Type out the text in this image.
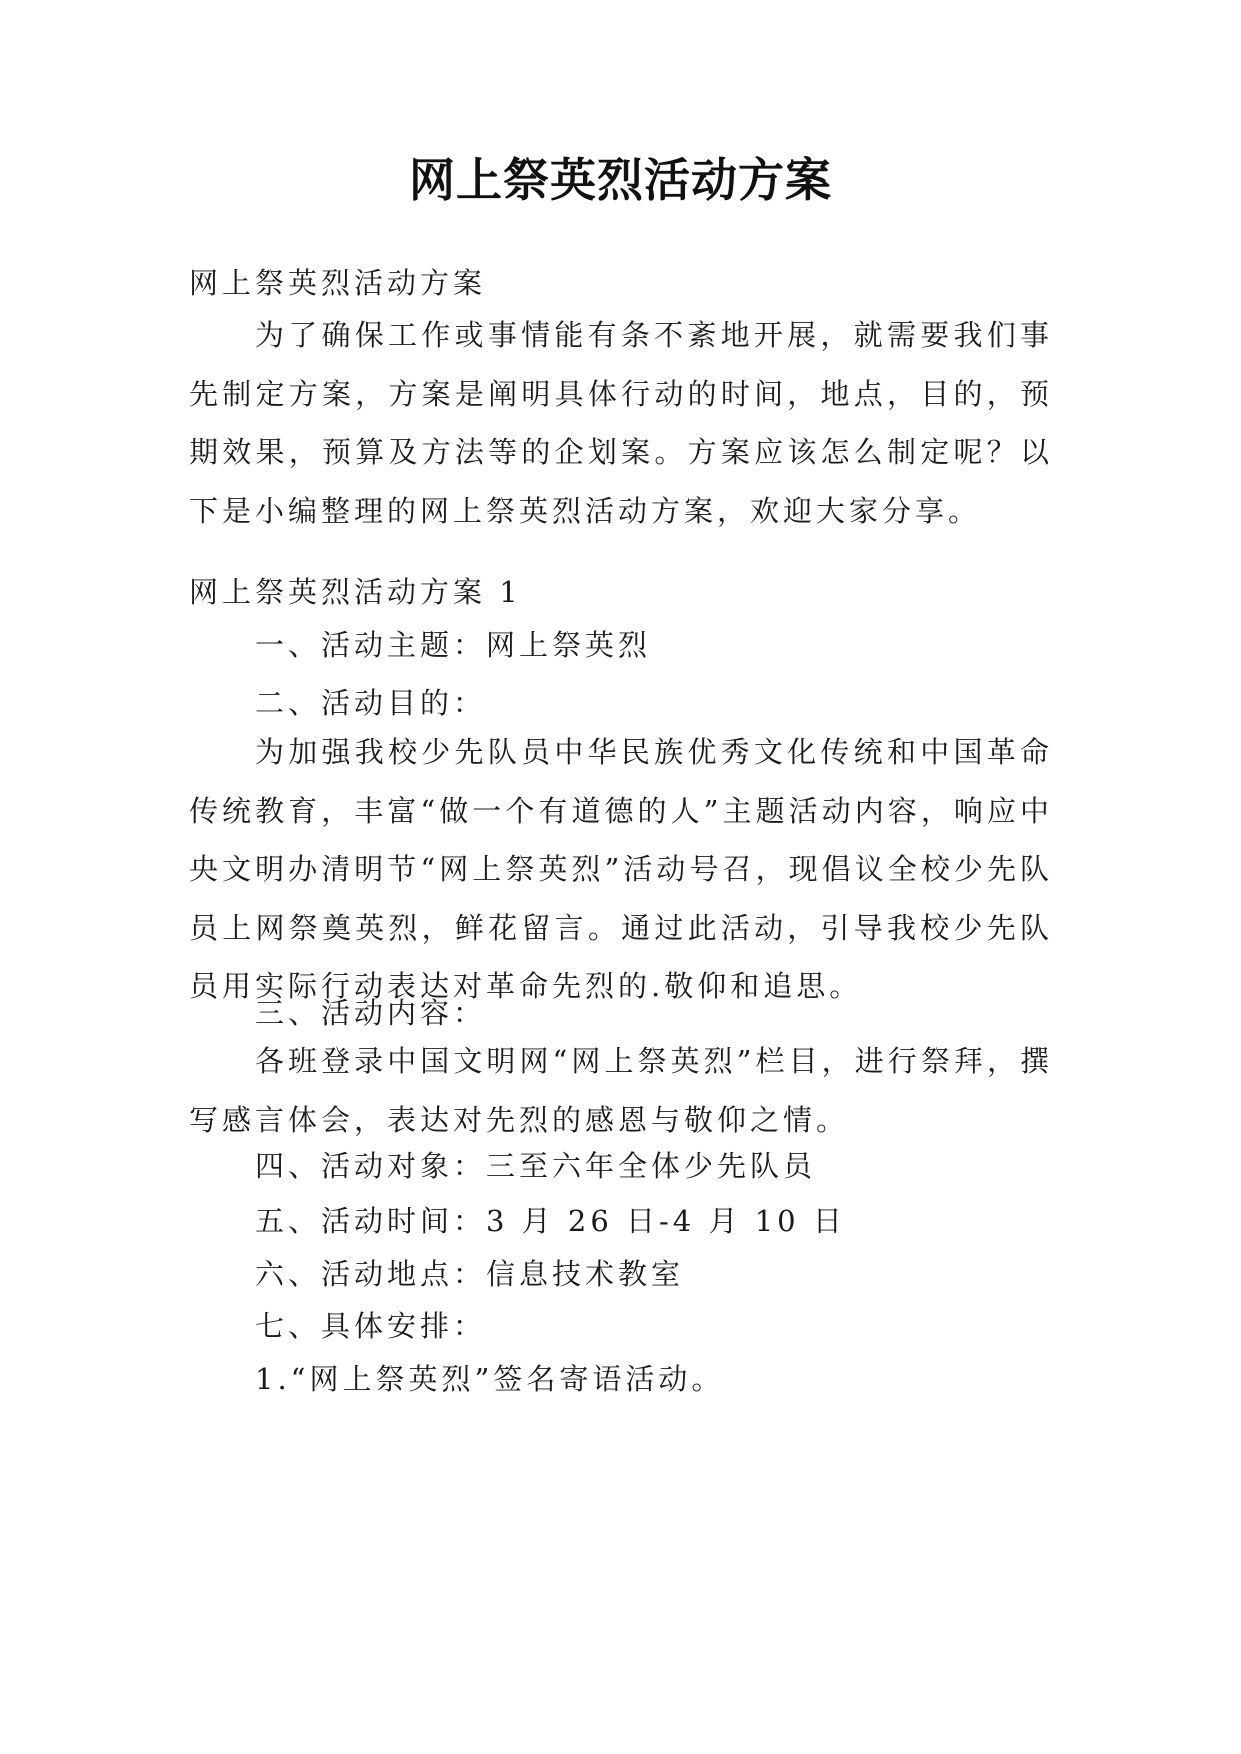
网上祭英烈活动方案
网上祭英烈活动方案
为了确保工作或事情能有条不紊地开展，就需要我们事先制定方案，方案是阐明具体行动的时间，地点，目的，预期效果，预算及方法等的企划案。方案应该怎么制定呢？以下是小编整理的网上祭英烈活动方案，欢迎大家分享。
网上祭英烈活动方案 1
一、活动主题：网上祭英烈
二、活动目的：
为加强我校少先队员中华民族优秀文化传统和中国革命传统教育，丰富“做一个有道德的人”主题活动内容，响应中央文明办清明节“网上祭英烈”活动号召，现倡议全校少先队员上网祭奠英烈，鲜花留言。通过此活动，引导我校少先队员用实际行动表达对革命先烈的.敬仰和追思。
三、活动内容：
各班登录中国文明网“网上祭英烈”栏目，进行祭拜，撰写感言体会，表达对先烈的感恩与敬仰之情。
四、活动对象：三至六年全体少先队员
五、活动时间：3 月 26 日-4 月 10 日
六、活动地点：信息技术教室
七、具体安排：
1.“网上祭英烈”签名寄语活动。
